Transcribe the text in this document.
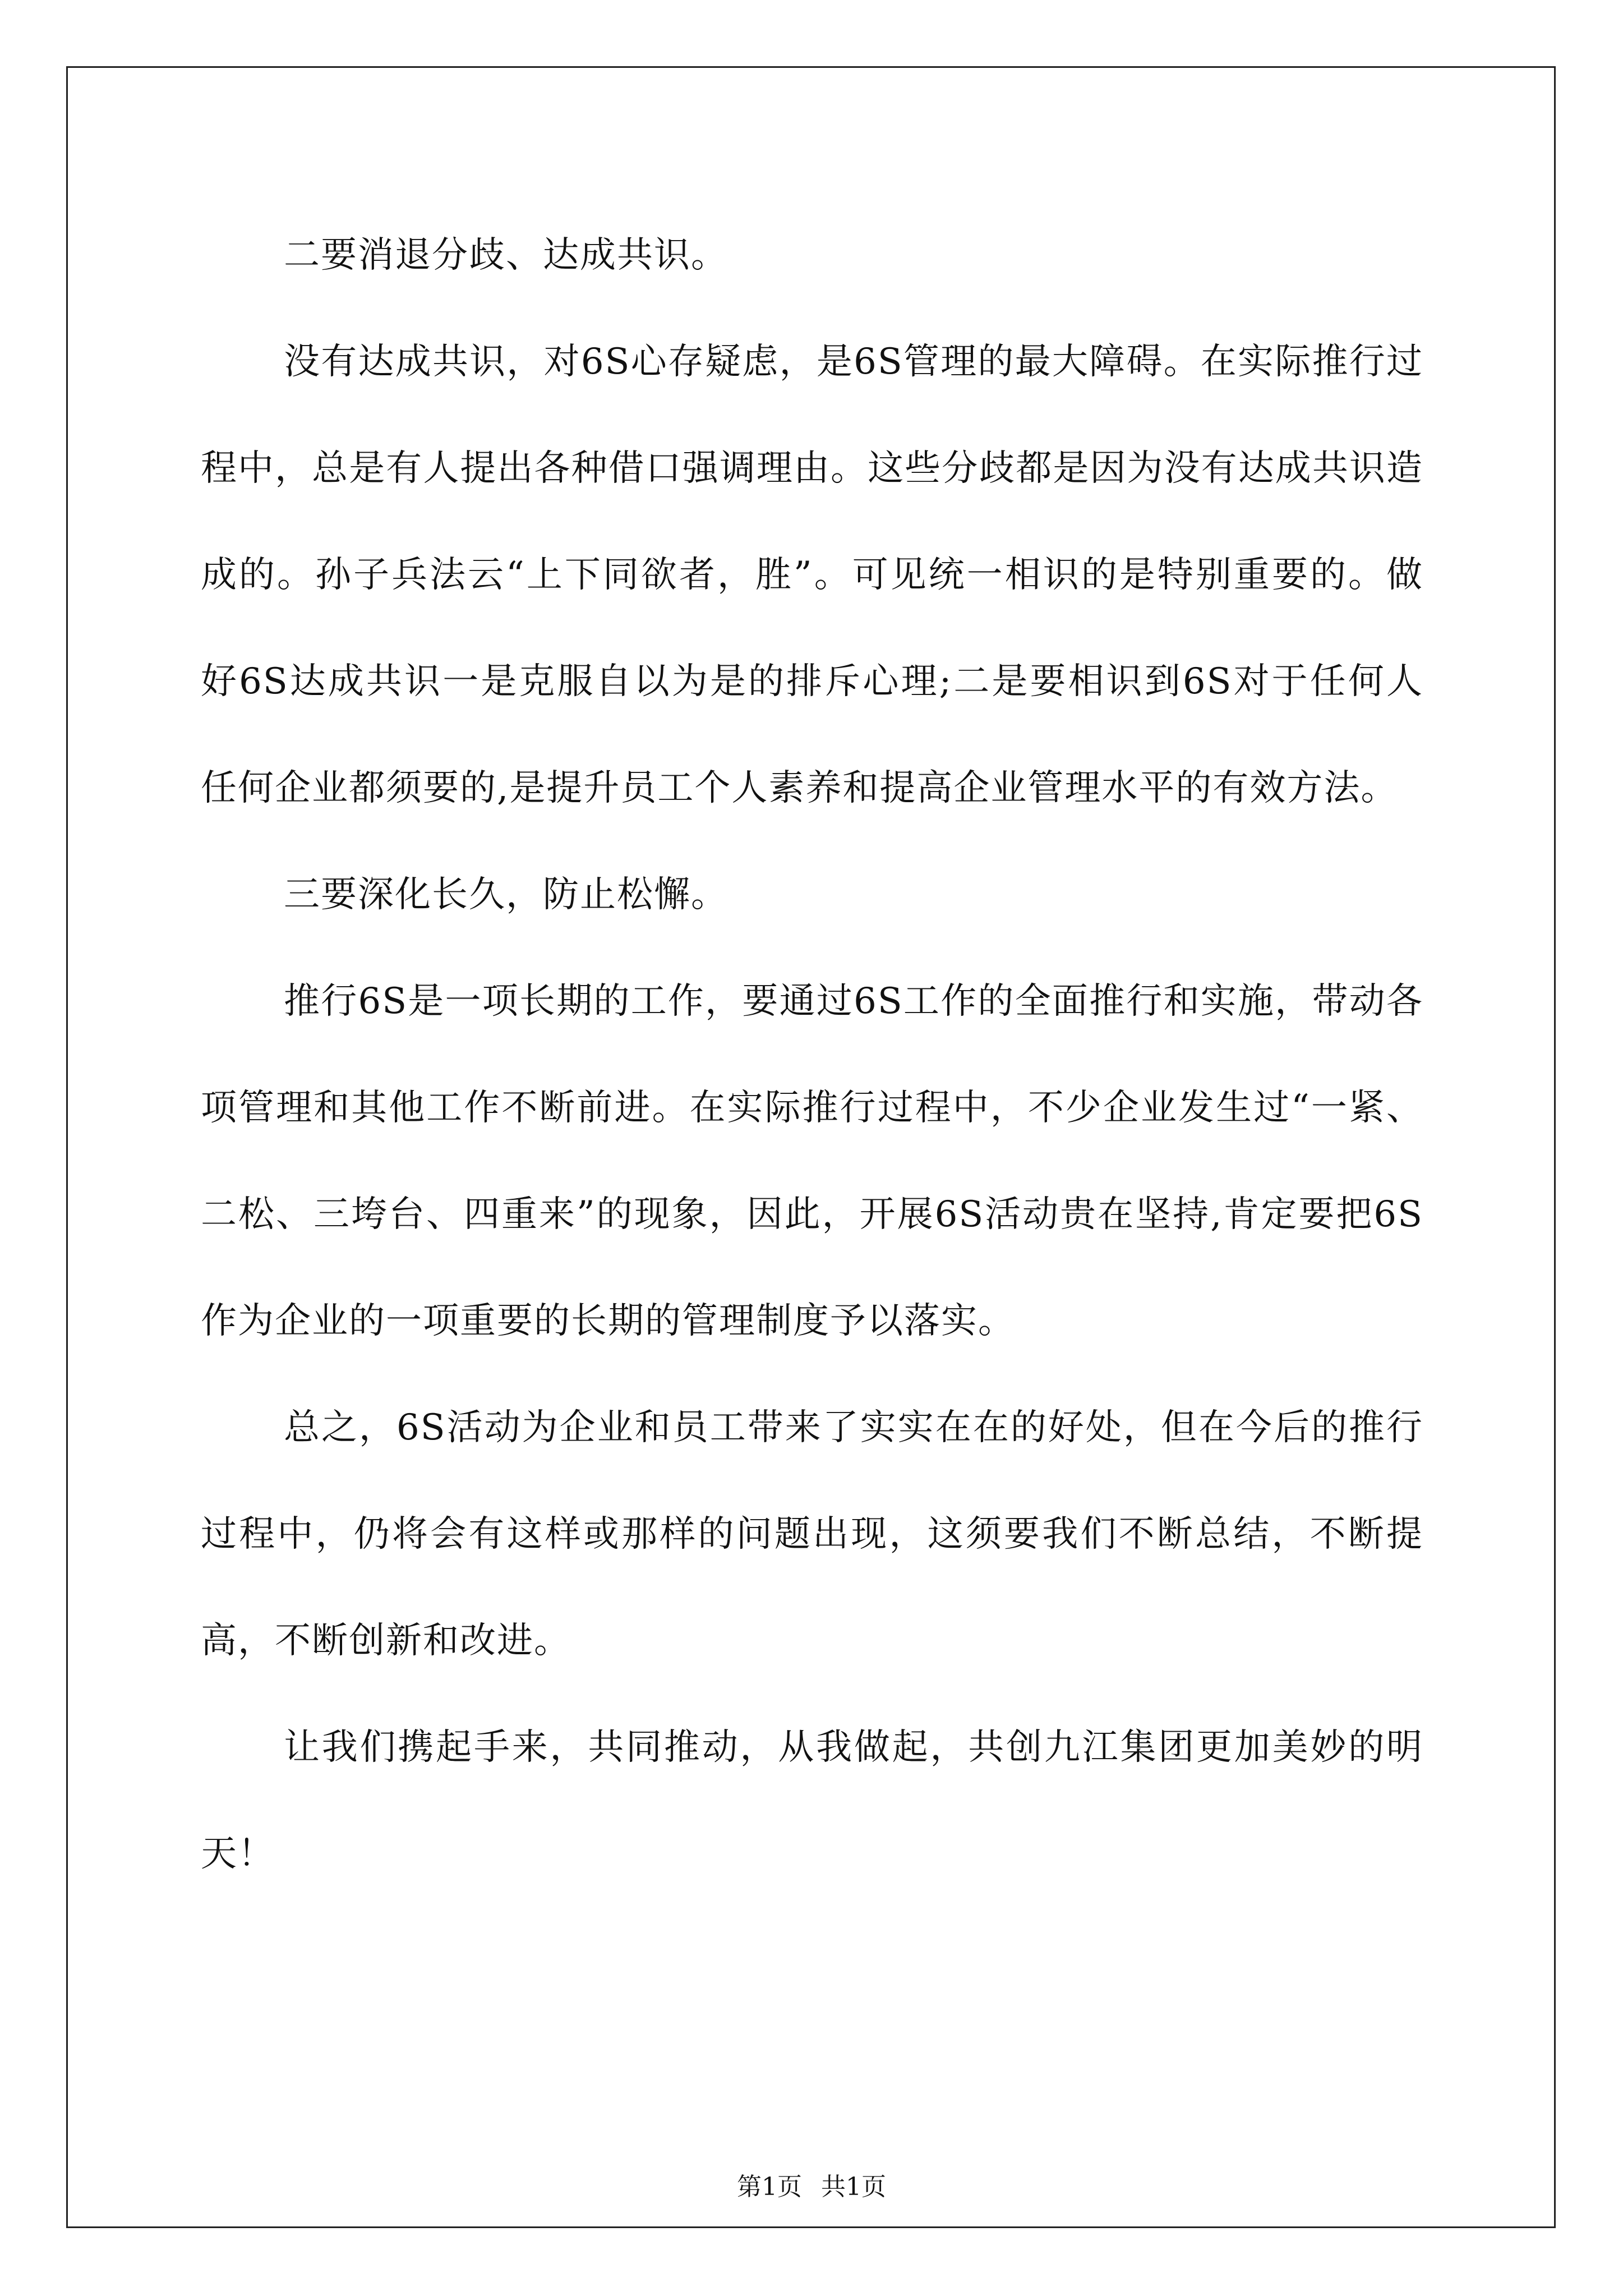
二要消退分歧、达成共识。

没有达成共识，对6S心存疑虑，是6S管理的最大障碍。在实际推行过程中，总是有人提出各种借口强调理由。这些分歧都是因为没有达成共识造成的。孙子兵法云“上下同欲者，胜”。可见统一相识的是特别重要的。做好6S达成共识一是克服自以为是的排斥心理;二是要相识到6S对于任何人任何企业都须要的,是提升员工个人素养和提高企业管理水平的有效方法。

三要深化长久，防止松懈。

推行6S是一项长期的工作，要通过6S工作的全面推行和实施，带动各项管理和其他工作不断前进。在实际推行过程中，不少企业发生过“一紧、二松、三垮台、四重来”的现象，因此，开展6S活动贵在坚持,肯定要把6S作为企业的一项重要的长期的管理制度予以落实。

总之，6S活动为企业和员工带来了实实在在的好处，但在今后的推行过程中，仍将会有这样或那样的问题出现，这须要我们不断总结，不断提高，不断创新和改进。

让我们携起手来，共同推动，从我做起，共创九江集团更加美妙的明天！

第1页 共1页
